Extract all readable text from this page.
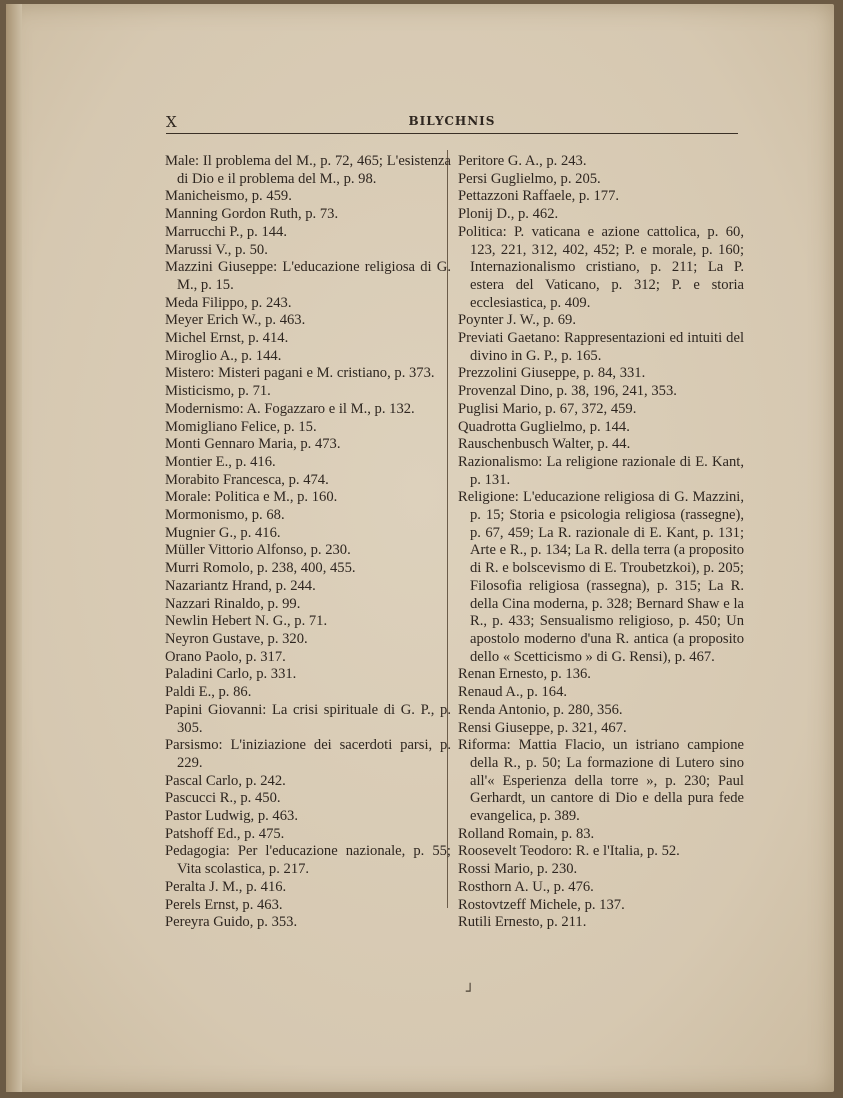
X	BILYCHNIS

Male: Il problema del M., p. 72, 465; L'esistenza di Dio e il problema del M., p. 98.

Manicheismo, p. 459.

Manning Gordon Ruth, p. 73.

Marrucchi P., p. 144.

Marussi V., p. 50.

Mazzini Giuseppe: L'educazione religiosa di G. M., p. 15.

Meda Filippo, p. 243.

Meyer Erich W., p. 463.

Michel Ernst, p. 414.

Miroglio A., p. 144.

Mistero: Misteri pagani e M. cristiano, p. 373.

Misticismo, p. 71.

Modernismo: A. Fogazzaro e il M., p. 132.

Momigliano Felice, p. 15.

Monti Gennaro Maria, p. 473.

Montier E., p. 416.

Morabito Francesca, p. 474.

Morale: Politica e M., p. 160.

Mormonismo, p. 68.

Mugnier G., p. 416.

Müller Vittorio Alfonso, p. 230.

Murri Romolo, p. 238, 400, 455.

Nazariantz Hrand, p. 244.

Nazzari Rinaldo, p. 99.

Newlin Hebert N. G., p. 71.

Neyron Gustave, p. 320.

Orano Paolo, p. 317.

Paladini Carlo, p. 331.

Paldi E., p. 86.

Papini Giovanni: La crisi spirituale di G. P., p. 305.

Parsismo: L'iniziazione dei sacerdoti parsi, p. 229.

Pascal Carlo, p. 242.

Pascucci R., p. 450.

Pastor Ludwig, p. 463.

Patshoff Ed., p. 475.

Pedagogia: Per l'educazione nazionale, p. 55; Vita scolastica, p. 217.

Peralta J. M., p. 416.

Perels Ernst, p. 463.

Pereyra Guido, p. 353.

Peritore G. A., p. 243.

Persi Guglielmo, p. 205.

Pettazzoni Raffaele, p. 177.

Plonij D., p. 462.

Politica: P. vaticana e azione cattolica, p. 60, 123, 221, 312, 402, 452; P. e morale, p. 160; Internazionalismo cristiano, p. 211; La P. estera del Vaticano, p. 312; P. e storia ecclesiastica, p. 409.

Poynter J. W., p. 69.

Previati Gaetano: Rappresentazioni ed intuiti del divino in G. P., p. 165.

Prezzolini Giuseppe, p. 84, 331.

Provenzal Dino, p. 38, 196, 241, 353.

Puglisi Mario, p. 67, 372, 459.

Quadrotta Guglielmo, p. 144.

Rauschenbusch Walter, p. 44.

Razionalismo: La religione razionale di E. Kant, p. 131.

Religione: L'educazione religiosa di G. Mazzini, p. 15; Storia e psicologia religiosa (rassegne), p. 67, 459; La R. razionale di E. Kant, p. 131; Arte e R., p. 134; La R. della terra (a proposito di R. e bolscevismo di E. Troubetzkoi), p. 205; Filosofia religiosa (rassegna), p. 315; La R. della Cina moderna, p. 328; Bernard Shaw e la R., p. 433; Sensualismo religioso, p. 450; Un apostolo moderno d'una R. antica (a proposito dello « Scetticismo » di G. Rensi), p. 467.

Renan Ernesto, p. 136.

Renaud A., p. 164.

Renda Antonio, p. 280, 356.

Rensi Giuseppe, p. 321, 467.

Riforma: Mattia Flacio, un istriano campione della R., p. 50; La formazione di Lutero sino all'« Esperienza della torre », p. 230; Paul Gerhardt, un cantore di Dio e della pura fede evangelica, p. 389.

Rolland Romain, p. 83.

Roosevelt Teodoro: R. e l'Italia, p. 52.

Rossi Mario, p. 230.

Rosthorn A. U., p. 476.

Rostovtzeff Michele, p. 137.

Rutili Ernesto, p. 211.

┘
